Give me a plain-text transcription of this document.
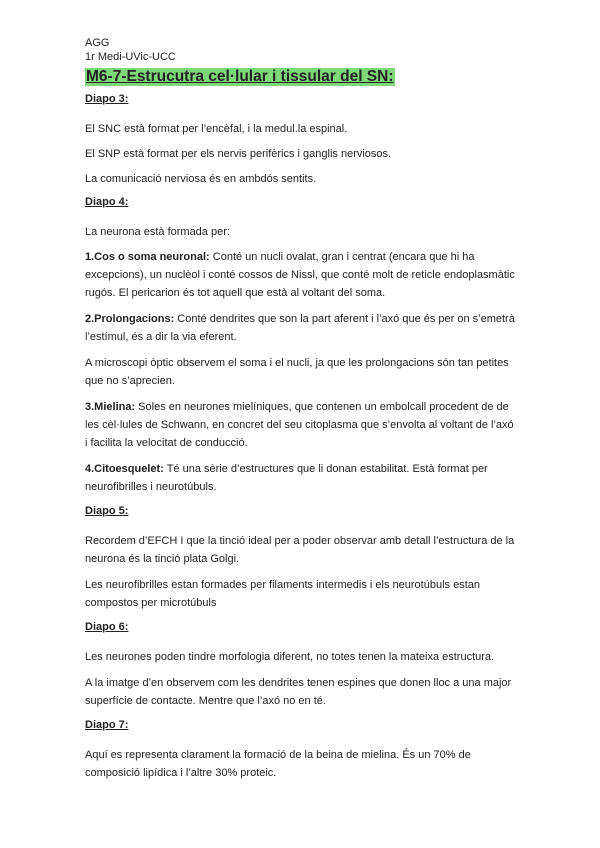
AGG
1r Medi-UVic-UCC
M6-7-Estrucutra cel·lular i tissular del SN:
Diapo 3:

El SNC està format per l’encèfal, i la medul.la espinal.

El SNP està format per els nervis perifèrics i ganglis nerviosos.

La comunicació nerviosa és en ambdós sentits.

Diapo 4:

La neurona està formada per:

1.Cos o soma neuronal: Conté un nucli ovalat, gran i centrat (encara que hi ha excepcions), un nuclèol i conté cossos de Nissl, que conté molt de reticle endoplasmàtic rugós. El pericarion és tot aquell que està al voltant del soma.

2.Prolongacions: Conté dendrites que son la part aferent i l’axó que és per on s’emetrà l’estímul, és a dir la via eferent.

A microscopi òptic observem el soma i el nucli, ja que les prolongacions són tan petites que no s’aprecien.

3.Mielina: Soles en neurones mielíniques, que contenen un embolcall procedent de de les cèl·lules de Schwann, en concret del seu citoplasma que s’envolta al voltant de l’axó i facilita la velocitat de conducció.

4.Citoesquelet: Té una sèrie d’estructures que li donan estabilitat. Està format per neurofibrilles i neurotúbuls.

Diapo 5:

Recordem d’EFCH I que la tinció ideal per a poder observar amb detall l’estructura de la neurona és la tinció plata Golgi.

Les neurofibrilles estan formades per filaments intermedis i els neurotúbuls estan compostos per microtúbuls

Diapo 6:

Les neurones poden tindre morfologia diferent, no totes tenen la mateixa estructura.

A la imatge d’en observem com les dendrites tenen espines que donen lloc a una major superfície de contacte. Mentre que l’axó no en té.

Diapo 7:

Aquí es representa clarament la formació de la beina de mielina. És un 70% de composició lipídica i l’altre 30% proteic.
